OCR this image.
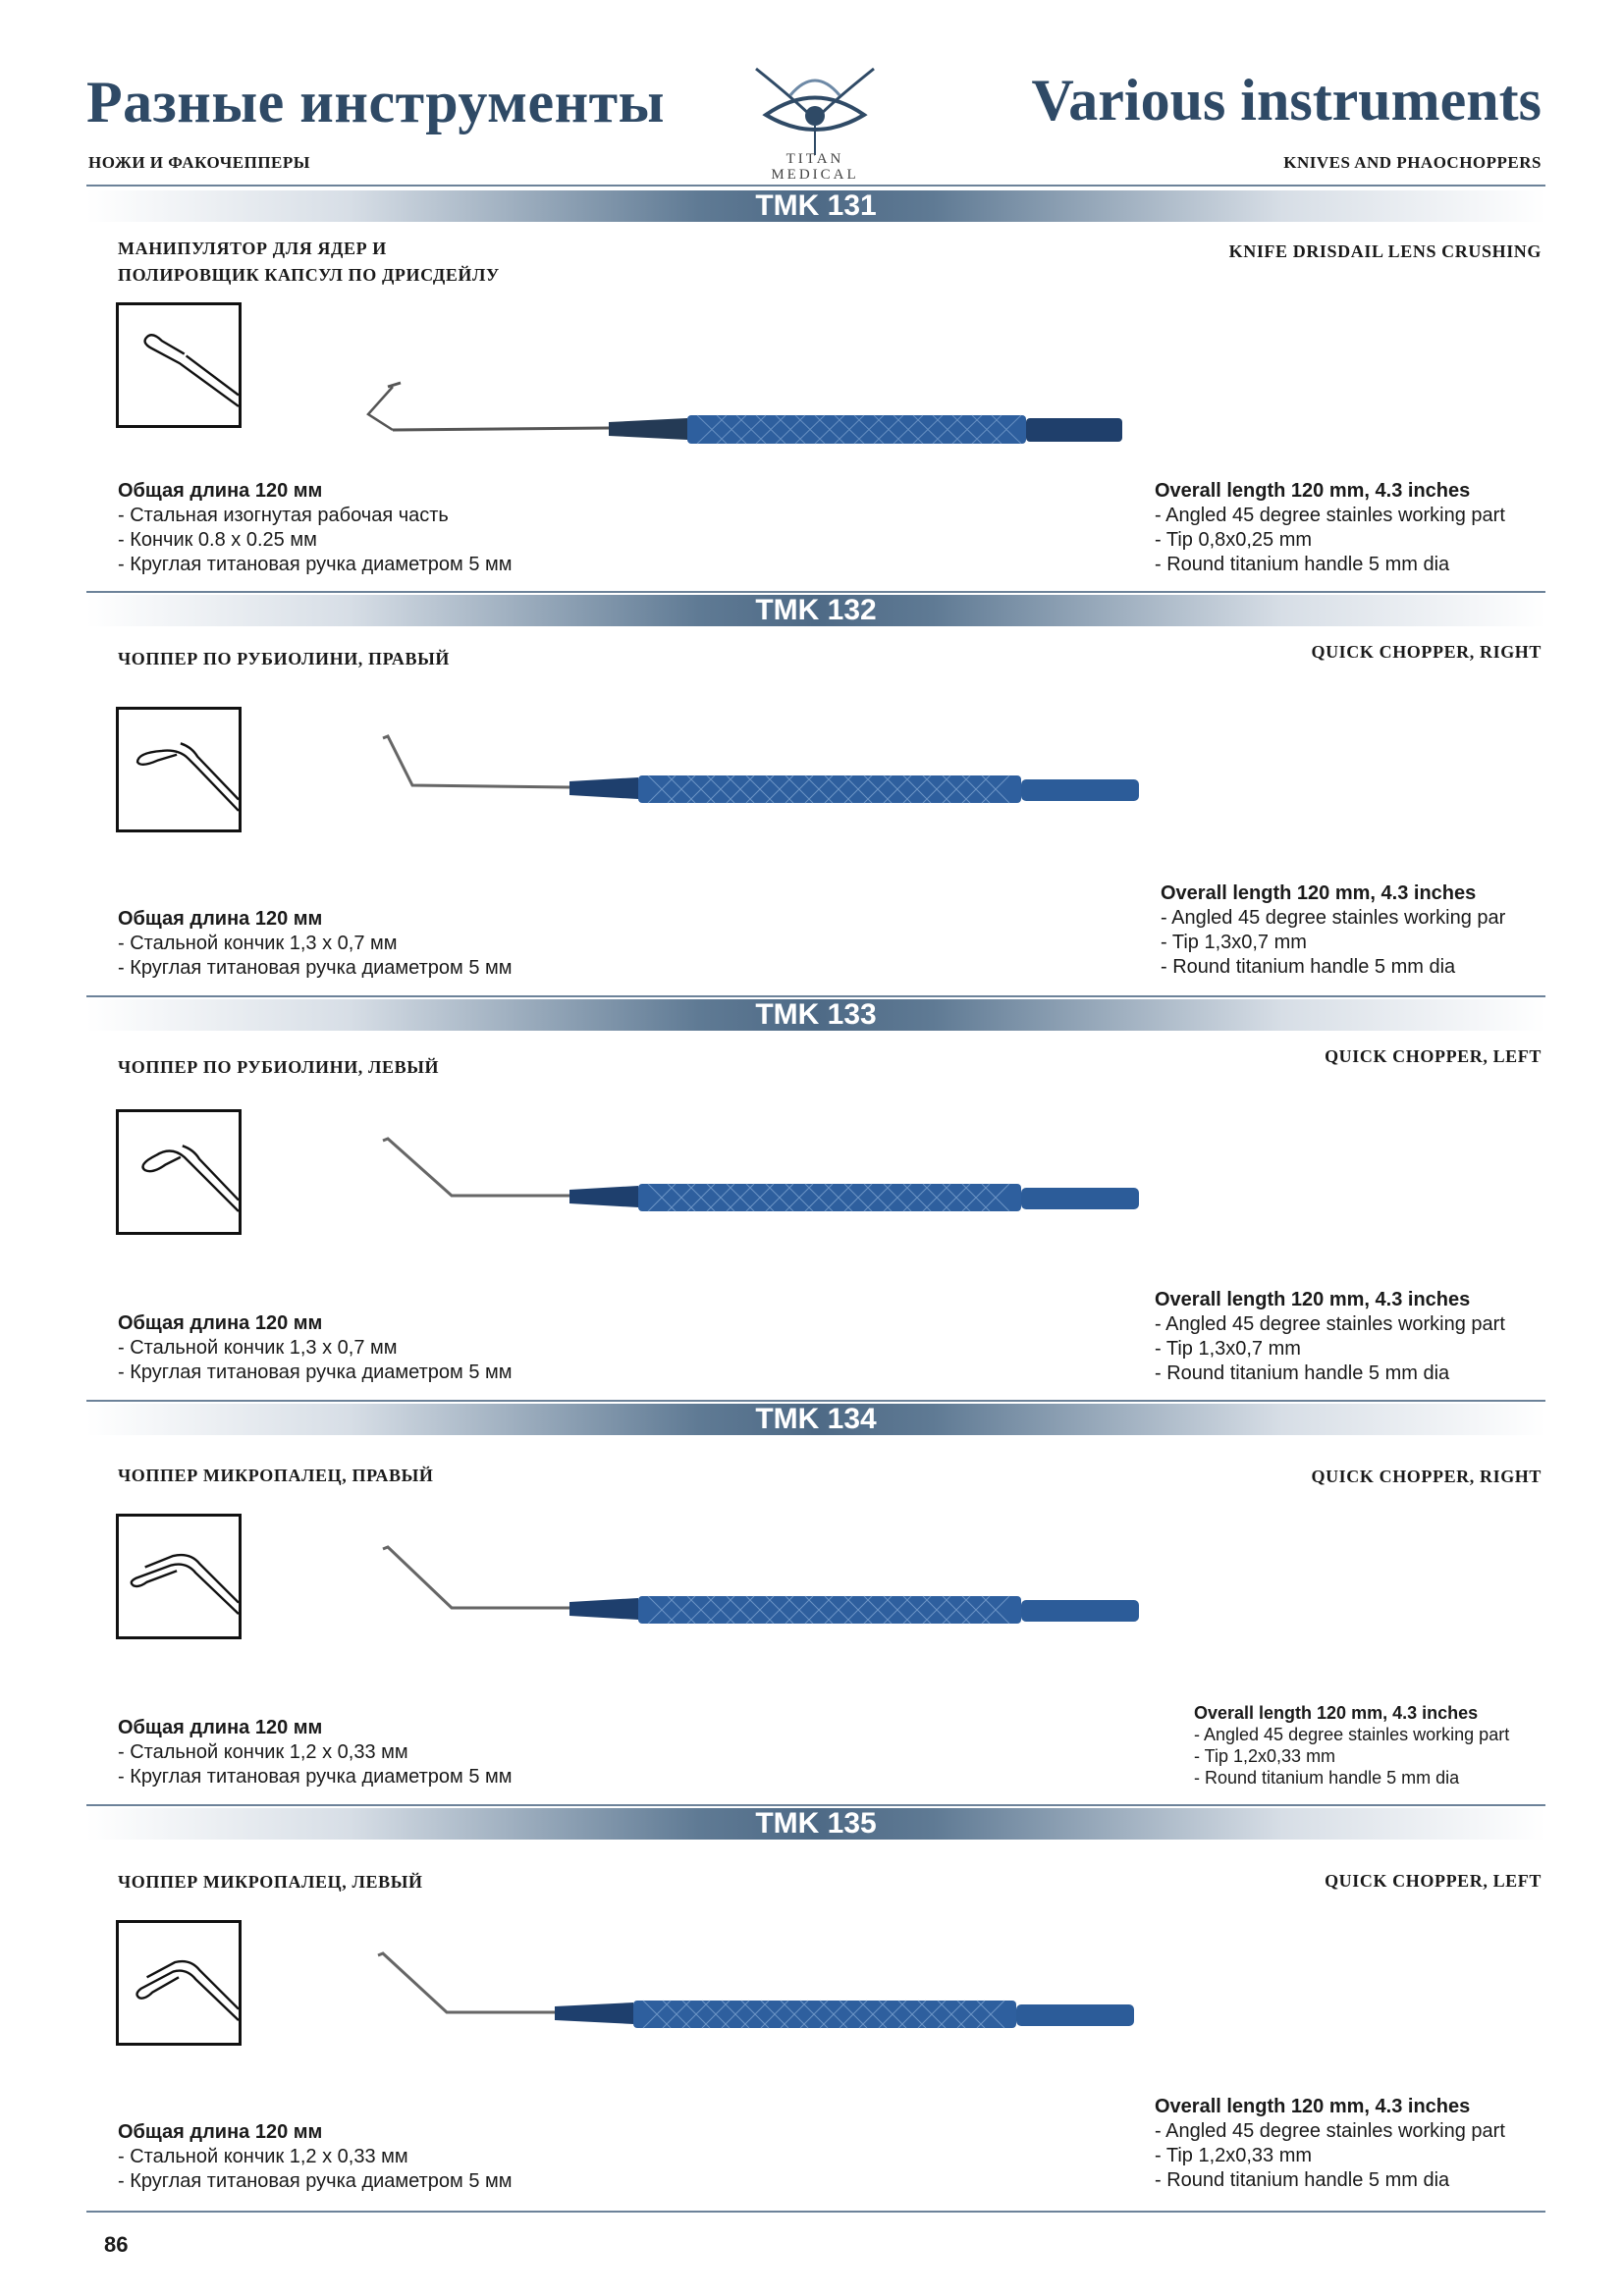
Разные инструменты	Various instruments
НОЖИ И ФАКОЧЕППЕРЫ	KNIVES AND PHAOCHOPPERS
TITAN
MEDICAL
TMK 131
МАНИПУЛЯТОР ДЛЯ ЯДЕР И
ПОЛИРОВЩИК КАПСУЛ ПО ДРИСДЕЙЛУ
KNIFE DRISDAIL LENS CRUSHING
Общая длина 120 мм
- Стальная изогнутая рабочая часть
- Кончик 0.8 x 0.25 мм
- Круглая титановая ручка диаметром 5 мм
Overall length 120 mm, 4.3 inches
- Angled 45 degree stainles working part
- Tip 0,8x0,25 mm
- Round titanium handle 5 mm dia
TMK 132
ЧОППЕР ПО РУБИОЛИНИ, ПРАВЫЙ	QUICK CHOPPER, RIGHT
Overall length 120 mm, 4.3 inches
- Angled 45 degree stainles working par
- Tip 1,3x0,7 mm
- Round titanium handle 5 mm dia
Общая длина 120 мм
- Стальной кончик 1,3 x 0,7 мм
- Круглая титановая ручка диаметром 5 мм
TMK 133
ЧОППЕР ПО РУБИОЛИНИ, ЛЕВЫЙ
QUICK CHOPPER, LEFT
Overall length 120 mm, 4.3 inches
- Angled 45 degree stainles working part
- Tip 1,3x0,7 mm
- Round titanium handle 5 mm dia
Общая длина 120 мм
- Стальной кончик 1,3 x 0,7 мм
- Круглая титановая ручка диаметром 5 мм
TMK 134
ЧОППЕР МИКРОПАЛЕЦ, ПРАВЫЙ	QUICK CHOPPER, RIGHT
Overall length 120 mm, 4.3 inches
- Angled 45 degree stainles working part
- Tip 1,2x0,33 mm
- Round titanium handle 5 mm dia
Общая длина 120 мм
- Стальной кончик 1,2 x 0,33 мм
- Круглая титановая ручка диаметром 5 мм
TMK 135
ЧОППЕР МИКРОПАЛЕЦ, ЛЕВЫЙ	QUICK CHOPPER, LEFT
Overall length 120 mm, 4.3 inches
- Angled 45 degree stainles working part
- Tip 1,2x0,33 mm
- Round titanium handle 5 mm dia
Общая длина 120 мм
- Стальной кончик 1,2 x 0,33 мм
- Круглая титановая ручка диаметром 5 мм
86
